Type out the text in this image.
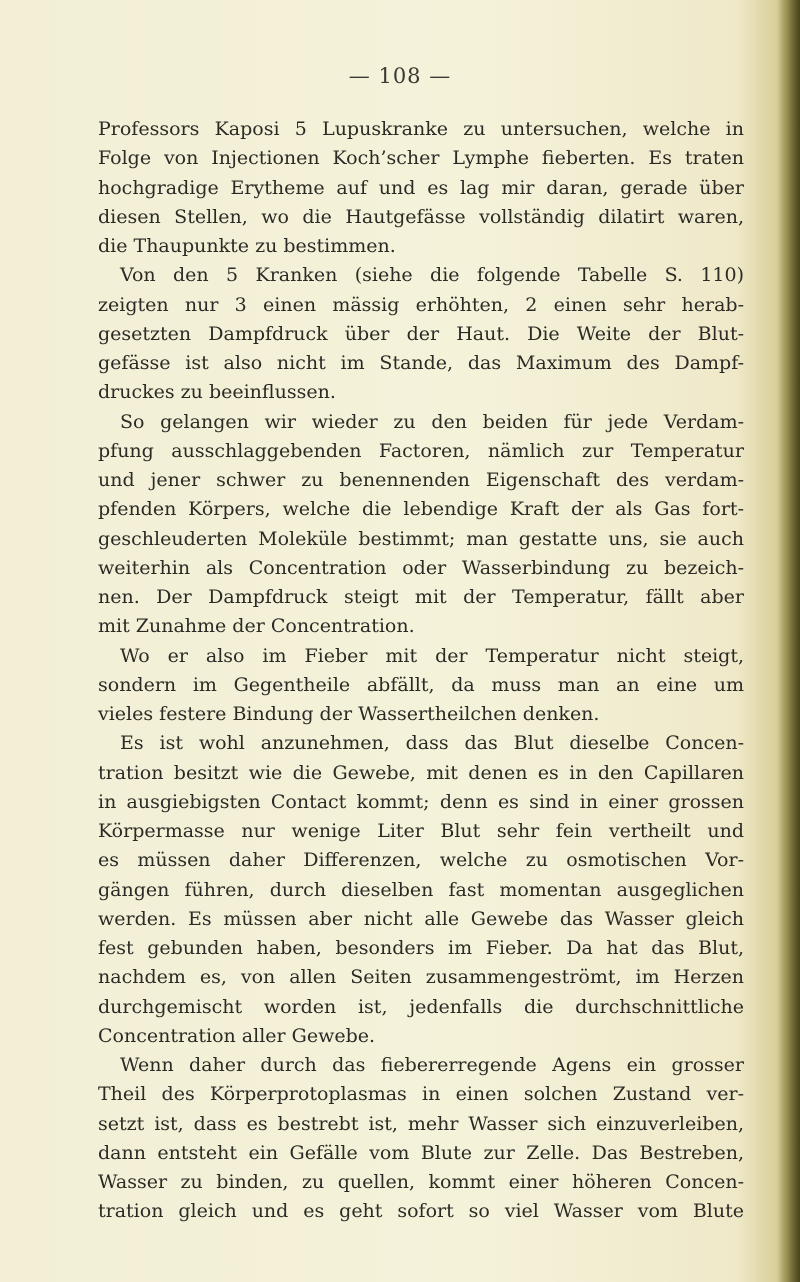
— 108 —
Professors Kaposi 5 Lupuskranke zu untersuchen, welche in
Folge von Injectionen Koch’scher Lymphe fieberten. Es traten
hochgradige Erytheme auf und es lag mir daran, gerade über
diesen Stellen, wo die Hautgefässe vollständig dilatirt waren,
die Thaupunkte zu bestimmen.
Von den 5 Kranken (siehe die folgende Tabelle S. 110)
zeigten nur 3 einen mässig erhöhten, 2 einen sehr herab-
gesetzten Dampfdruck über der Haut. Die Weite der Blut-
gefässe ist also nicht im Stande, das Maximum des Dampf-
druckes zu beeinflussen.
So gelangen wir wieder zu den beiden für jede Verdam-
pfung ausschlaggebenden Factoren, nämlich zur Temperatur
und jener schwer zu benennenden Eigenschaft des verdam-
pfenden Körpers, welche die lebendige Kraft der als Gas fort-
geschleuderten Moleküle bestimmt; man gestatte uns, sie auch
weiterhin als Concentration oder Wasserbindung zu bezeich-
nen. Der Dampfdruck steigt mit der Temperatur, fällt aber
mit Zunahme der Concentration.
Wo er also im Fieber mit der Temperatur nicht steigt,
sondern im Gegentheile abfällt, da muss man an eine um
vieles festere Bindung der Wassertheilchen denken.
Es ist wohl anzunehmen, dass das Blut dieselbe Concen-
tration besitzt wie die Gewebe, mit denen es in den Capillaren
in ausgiebigsten Contact kommt; denn es sind in einer grossen
Körpermasse nur wenige Liter Blut sehr fein vertheilt und
es müssen daher Differenzen, welche zu osmotischen Vor-
gängen führen, durch dieselben fast momentan ausgeglichen
werden. Es müssen aber nicht alle Gewebe das Wasser gleich
fest gebunden haben, besonders im Fieber. Da hat das Blut,
nachdem es, von allen Seiten zusammengeströmt, im Herzen
durchgemischt worden ist, jedenfalls die durchschnittliche
Concentration aller Gewebe.
Wenn daher durch das fiebererregende Agens ein grosser
Theil des Körperprotoplasmas in einen solchen Zustand ver-
setzt ist, dass es bestrebt ist, mehr Wasser sich einzuverleiben,
dann entsteht ein Gefälle vom Blute zur Zelle. Das Bestreben,
Wasser zu binden, zu quellen, kommt einer höheren Concen-
tration gleich und es geht sofort so viel Wasser vom Blute
